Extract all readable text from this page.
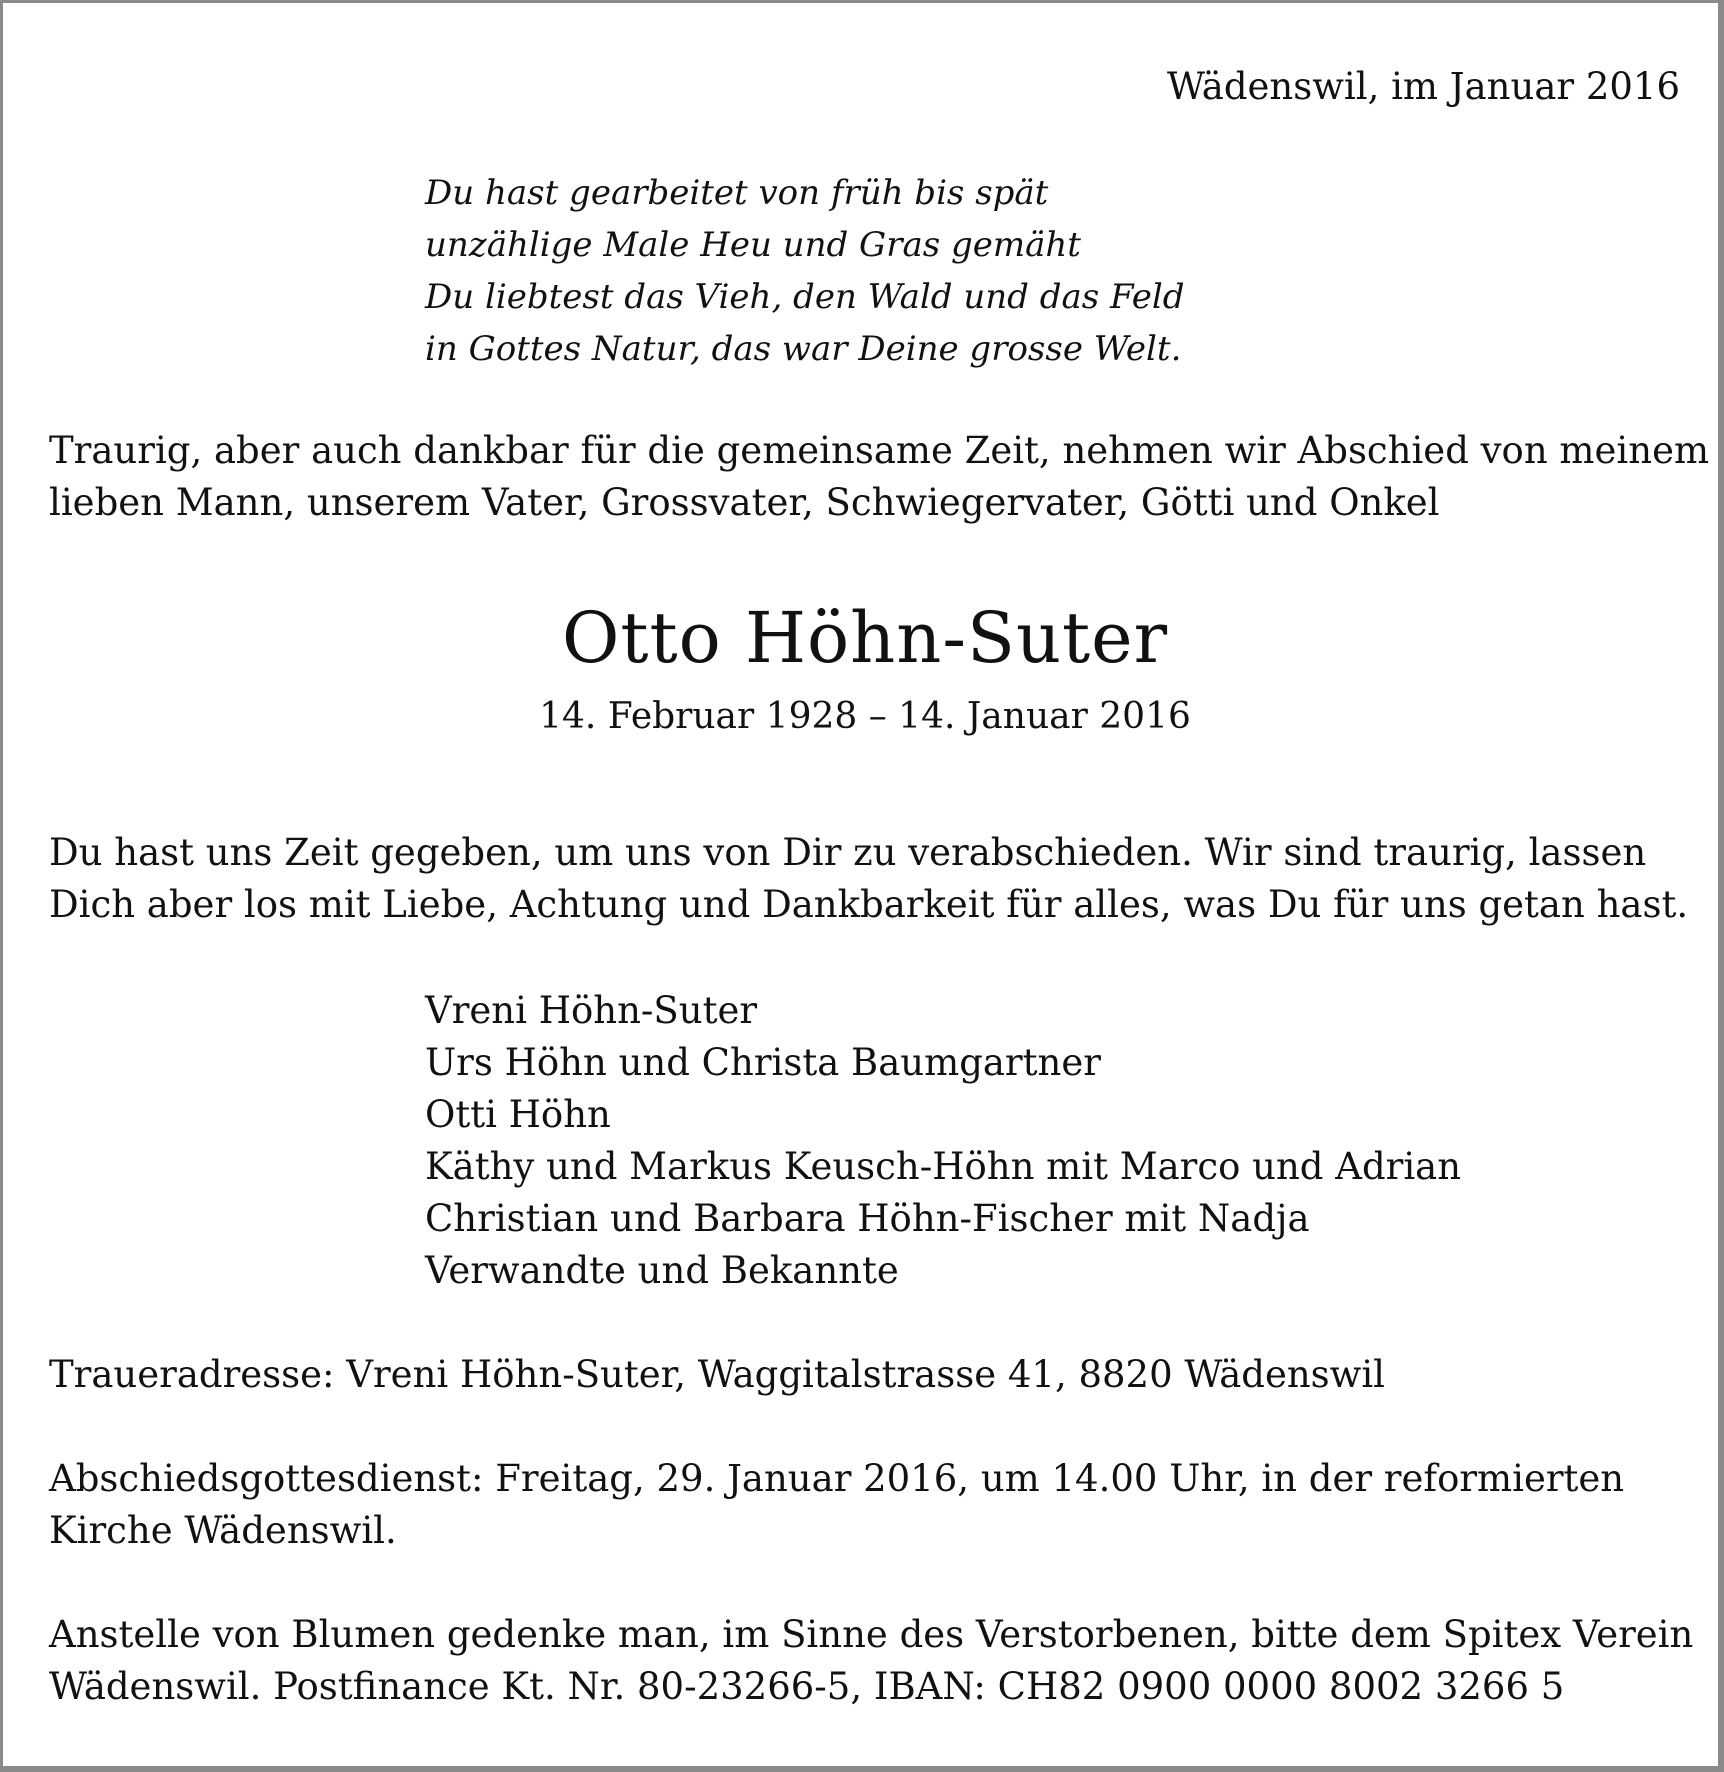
Wädenswil, im Januar 2016

Du hast gearbeitet von früh bis spät
unzählige Male Heu und Gras gemäht
Du liebtest das Vieh, den Wald und das Feld
in Gottes Natur, das war Deine grosse Welt.
Traurig, aber auch dankbar für die gemeinsame Zeit, nehmen wir Abschied von meinem
lieben Mann, unserem Vater, Grossvater, Schwiegervater, Götti und Onkel
Otto Höhn-Suter

14. Februar 1928 – 14. Januar 2016

Du hast uns Zeit gegeben, um uns von Dir zu verabschieden. Wir sind traurig, lassen
Dich aber los mit Liebe, Achtung und Dankbarkeit für alles, was Du für uns getan hast.
Vreni Höhn-Suter
Urs Höhn und Christa Baumgartner
Otti Höhn
Käthy und Markus Keusch-Höhn mit Marco und Adrian
Christian und Barbara Höhn-Fischer mit Nadja
Verwandte und Bekannte
Traueradresse: Vreni Höhn-Suter, Waggitalstrasse 41, 8820 Wädenswil
Abschiedsgottesdienst: Freitag, 29. Januar 2016, um 14.00 Uhr, in der reformierten
Kirche Wädenswil.
Anstelle von Blumen gedenke man, im Sinne des Verstorbenen, bitte dem Spitex Verein
Wädenswil. Postfinance Kt. Nr. 80-23266-5, IBAN: CH82 0900 0000 8002 3266 5
